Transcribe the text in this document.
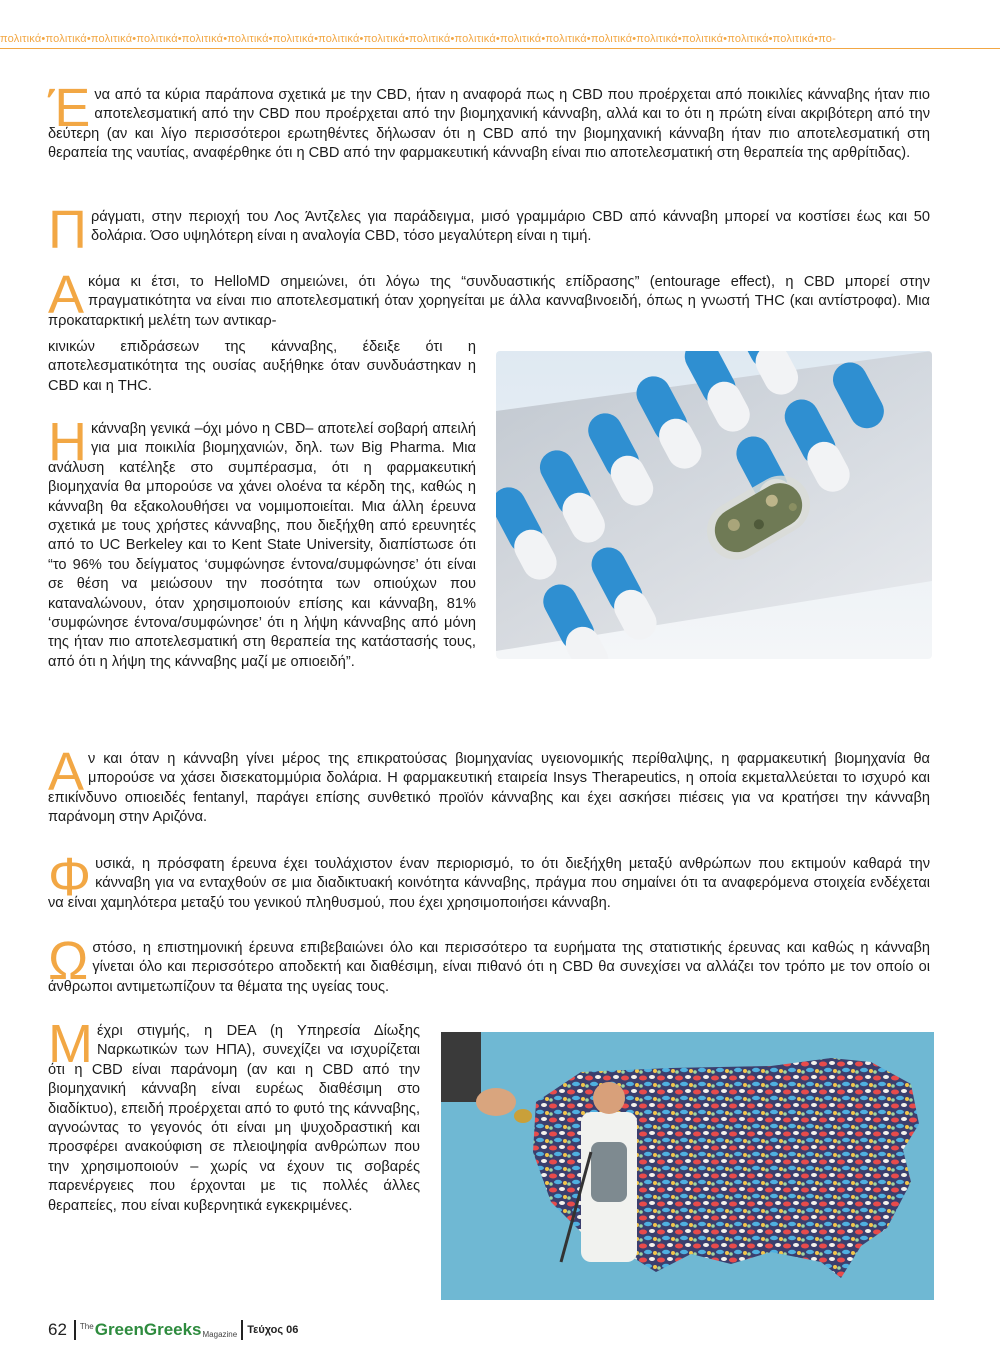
πολιτικά•πολιτικά•πολιτικά•πολιτικά•πολιτικά•πολιτικά•πολιτικά•πολιτικά•πολιτικά•πολιτικά•πολιτικά•πολιτικά•πολιτικά•πολιτικά•πολιτικά•πολιτικά•πολιτικά•πολιτικά•πο-

Ένα από τα κύρια παράπονα σχετικά με την CBD, ήταν η αναφορά πως η CBD που προέρχεται από ποικιλίες κάνναβης ήταν πιο αποτελεσματική από την CBD που προέρχεται από την βιομηχανική κάνναβη, αλλά και το ότι η πρώτη είναι ακριβότερη από την δεύτερη (αν και λίγο περισσότεροι ερωτηθέντες δήλωσαν ότι η CBD από την βιομηχανική κάνναβη ήταν πιο αποτελεσματική στη θεραπεία της ναυτίας, αναφέρθηκε ότι η CBD από την φαρμακευτική κάνναβη είναι πιο αποτελεσματική στη θεραπεία της αρθρίτιδας).

Πράγματι, στην περιοχή του Λος Άντζελες για παράδειγμα, μισό γραμμάριο CBD από κάνναβη μπορεί να κοστίσει έως και 50 δολάρια. Όσο υψηλότερη είναι η αναλογία CBD, τόσο μεγαλύτερη είναι η τιμή.

Ακόμα κι έτσι, το HelloMD σημειώνει, ότι λόγω της “συνδυαστικής επίδρασης” (entourage effect), η CBD μπορεί στην πραγματικότητα να είναι πιο αποτελεσματική όταν χορηγείται με άλλα κανναβινοειδή, όπως η γνωστή THC (και αντίστροφα). Μια προκαταρκτική μελέτη των αντικαρ-

κινικών επιδράσεων της κάνναβης, έδειξε ότι η αποτελεσματικότητα της ουσίας αυξήθηκε όταν συνδυάστηκαν η CBD και η THC.

Η κάνναβη γενικά –όχι μόνο η CBD– αποτελεί σοβαρή απειλή για μια ποικιλία βιομηχανιών, δηλ. των Big Pharma. Μια ανάλυση κατέληξε στο συμπέρασμα, ότι η φαρμακευτική βιομηχανία θα μπορούσε να χάνει ολοένα τα κέρδη της, καθώς η κάνναβη θα εξακολουθήσει να νομιμοποιείται. Μια άλλη έρευνα σχετικά με τους χρήστες κάνναβης, που διεξήχθη από ερευνητές από το UC Berkeley και το Kent State University, διαπίστωσε ότι “το 96% του δείγματος ‘συμφώνησε έντονα/συμφώνησε’ ότι είναι σε θέση να μειώσουν την ποσότητα των οπιούχων που καταναλώνουν, όταν χρησιμοποιούν επίσης και κάνναβη, 81% ‘συμφώνησε έντονα/συμφώνησε’ ότι η λήψη κάνναβης από μόνη της ήταν πιο αποτελεσματική στη θεραπεία της κατάστασής τους, από ότι η λήψη της κάνναβης μαζί με οπιοειδή”.

Αν και όταν η κάνναβη γίνει μέρος της επικρατούσας βιομηχανίας υγειονομικής περίθαλψης, η φαρμακευτική βιομηχανία θα μπορούσε να χάσει δισεκατομμύρια δολάρια. Η φαρμακευτική εταιρεία Insys Therapeutics, η οποία εκμεταλλεύεται το ισχυρό και επικίνδυνο οπιοειδές fentanyl, παράγει επίσης συνθετικό προϊόν κάνναβης και έχει ασκήσει πιέσεις για να κρατήσει την κάνναβη παράνομη στην Αριζόνα.

Φυσικά, η πρόσφατη έρευνα έχει τουλάχιστον έναν περιορισμό, το ότι διεξήχθη μεταξύ ανθρώπων που εκτιμούν καθαρά την κάνναβη για να ενταχθούν σε μια διαδικτυακή κοινότητα κάνναβης, πράγμα που σημαίνει ότι τα αναφερόμενα στοιχεία ενδέχεται να είναι χαμηλότερα μεταξύ του γενικού πληθυσμού, που έχει χρησιμοποιήσει κάνναβη.

Ωστόσο, η επιστημονική έρευνα επιβεβαιώνει όλο και περισσότερο τα ευρήματα της στατιστικής έρευνας και καθώς η κάνναβη γίνεται όλο και περισσότερο αποδεκτή και διαθέσιμη, είναι πιθανό ότι η CBD θα συνεχίσει να αλλάζει τον τρόπο με τον οποίο οι άνθρωποι αντιμετωπίζουν τα θέματα της υγείας τους.

Μέχρι στιγμής, η DEA (η Υπηρεσία Δίωξης Ναρκωτικών των ΗΠΑ), συνεχίζει να ισχυρίζεται ότι η CBD είναι παράνομη (αν και η CBD από την βιομηχανική κάνναβη είναι ευρέως διαθέσιμη στο διαδίκτυο), επειδή προέρχεται από το φυτό της κάνναβης, αγνοώντας το γεγονός ότι είναι μη ψυχοδραστική και προσφέρει ανακούφιση σε πλειοψηφία ανθρώπων που την χρησιμοποιούν – χωρίς να έχουν τις σοβαρές παρενέργειες που έρχονται με τις πολλές άλλες θεραπείες, που είναι κυβερνητικά εγκεκριμένες.

62 The GreenGreeks Magazine Τεύχος 06
